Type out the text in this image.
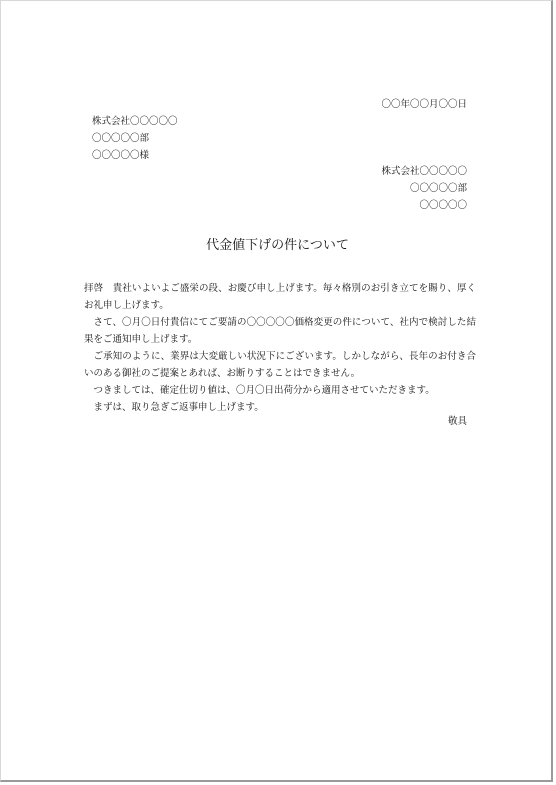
〇〇年〇〇月〇〇日
株式会社〇〇〇〇〇
〇〇〇〇〇部
〇〇〇〇〇様
株式会社〇〇〇〇〇
〇〇〇〇〇部
〇〇〇〇〇
代金値下げの件について

拝啓　貴社いよいよご盛栄の段、お慶び申し上げます。毎々格別のお引き立てを賜り、厚くお礼申し上げます。

さて、〇月〇日付貴信にてご要請の〇〇〇〇〇価格変更の件について、社内で検討した結果をご通知申し上げます。

ご承知のように、業界は大変厳しい状況下にございます。しかしながら、長年のお付き合いのある御社のご提案とあれば、お断りすることはできません。

つきましては、確定仕切り値は、〇月〇日出荷分から適用させていただきます。

まずは、取り急ぎご返事申し上げます。

敬具
